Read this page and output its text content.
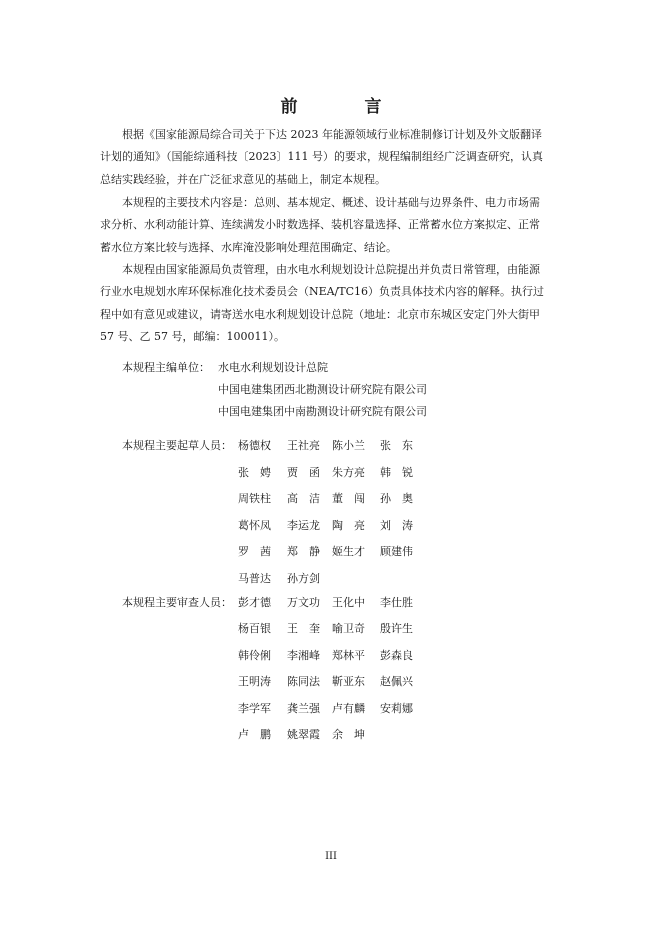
前 言
根据《国家能源局综合司关于下达 2023 年能源领域行业标准制修订计划及外文版翻译
计划的通知》（国能综通科技〔2023〕111 号）的要求，规程编制组经广泛调查研究，认真
总结实践经验，并在广泛征求意见的基础上，制定本规程。
本规程的主要技术内容是：总则、基本规定、概述、设计基础与边界条件、电力市场需
求分析、水利动能计算、连续满发小时数选择、装机容量选择、正常蓄水位方案拟定、正常
蓄水位方案比较与选择、水库淹没影响处理范围确定、结论。
本规程由国家能源局负责管理，由水电水利规划设计总院提出并负责日常管理，由能源
行业水电规划水库环保标准化技术委员会（NEA/TC16）负责具体技术内容的解释。执行过
程中如有意见或建议，请寄送水电水利规划设计总院（地址：北京市东城区安定门外大街甲
57 号、乙 57 号，邮编：100011）。
本规程主编单位： 水电水利规划设计总院
中国电建集团西北勘测设计研究院有限公司
中国电建集团中南勘测设计研究院有限公司
本规程主要起草人员： 杨德权 王社亮 陈小兰 张　东
张　娉 贾　函 朱方亮 韩　锐
周铁柱 高　洁 董　闯 孙　奥
葛怀凤 李运龙 陶　亮 刘　涛
罗　茜 郑　静 姬生才 顾建伟
马普达 孙方剑
本规程主要审查人员： 彭才德 万文功 王化中 李仕胜
杨百银 王　奎 喻卫奇 殷许生
韩伶俐 李湘峰 郑林平 彭森良
王明涛 陈同法 靳亚东 赵佩兴
李学军 龚兰强 卢有麟 安莉娜
卢　鹏 姚翠霞 余　坤
III
